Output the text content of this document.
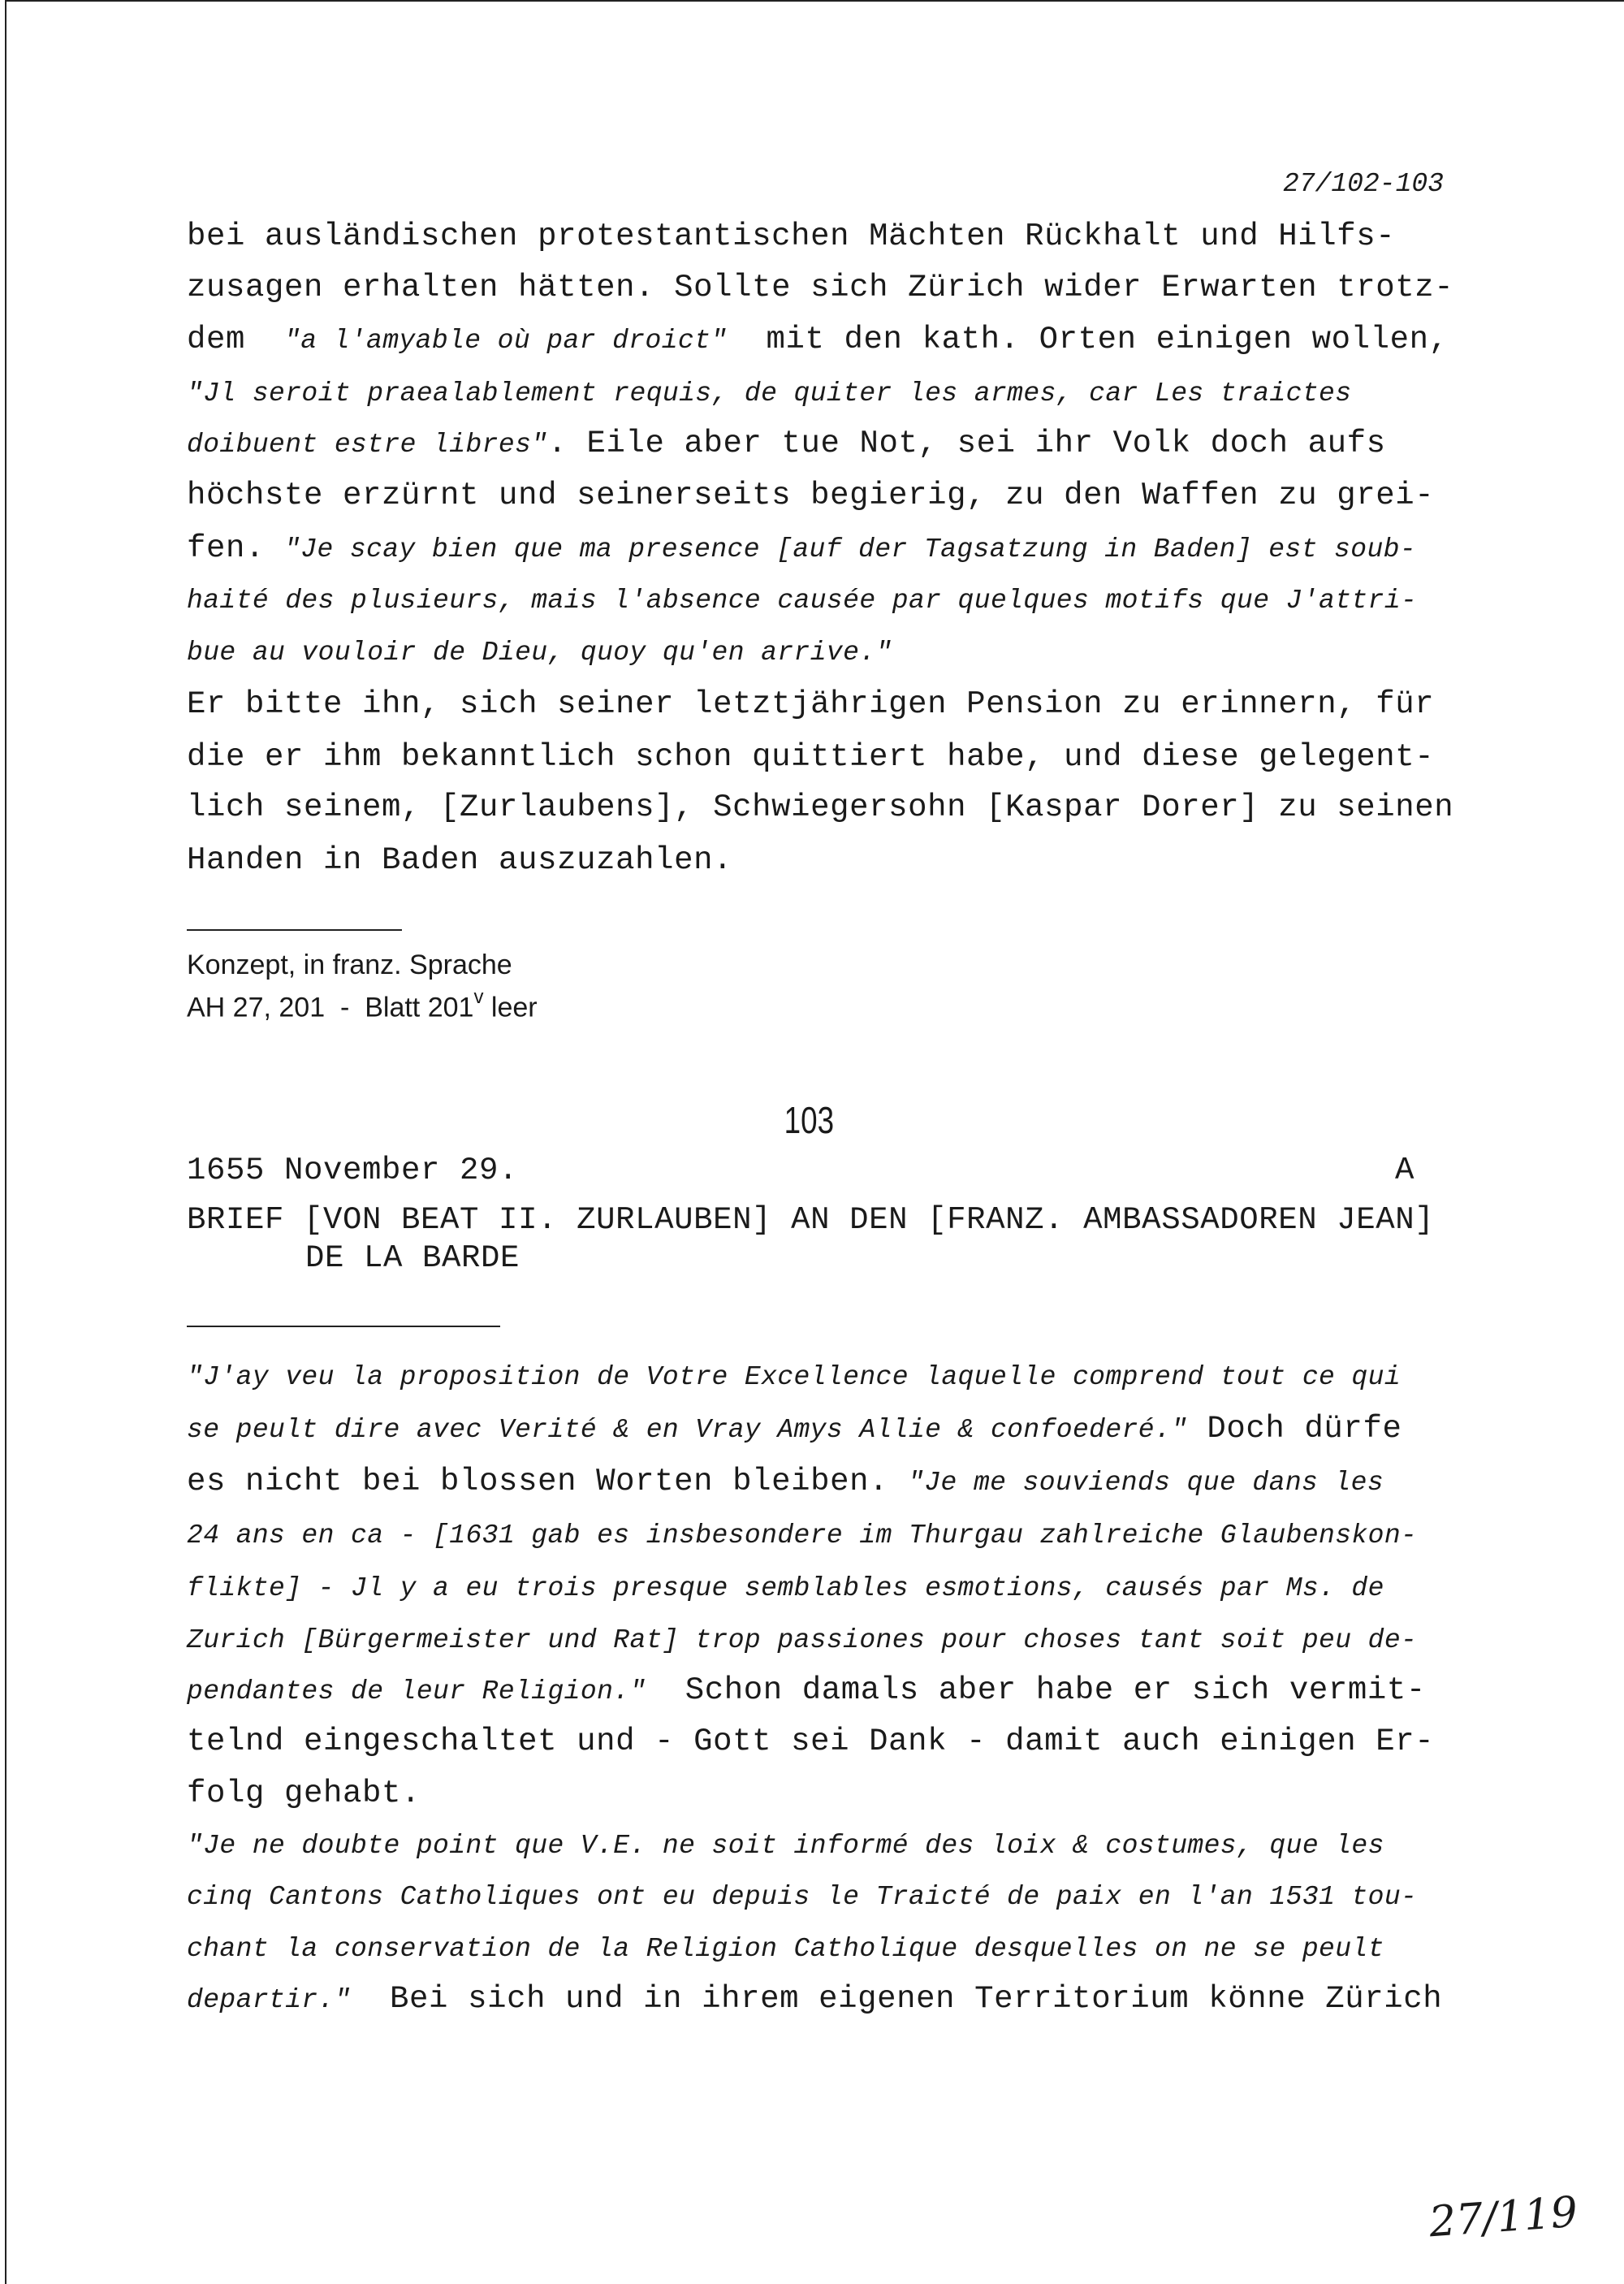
27/102-103
bei ausländischen protestantischen Mächten Rückhalt und Hilfs-
zusagen erhalten hätten. Sollte sich Zürich wider Erwarten trotz-
dem  "a l'amyable où par droict"  mit den kath. Orten einigen wollen,
"Jl seroit praealablement requis, de quiter les armes, car Les traictes
doibuent estre libres". Eile aber tue Not, sei ihr Volk doch aufs
höchste erzürnt und seinerseits begierig, zu den Waffen zu grei-
fen. "Je scay bien que ma presence [auf der Tagsatzung in Baden] est soub-
haité des plusieurs, mais l'absence causée par quelques motifs que J'attri-
bue au vouloir de Dieu, quoy qu'en arrive."
Er bitte ihn, sich seiner letztjährigen Pension zu erinnern, für
die er ihm bekanntlich schon quittiert habe, und diese gelegent-
lich seinem, [Zurlaubens], Schwiegersohn [Kaspar Dorer] zu seinen
Handen in Baden auszuzahlen.
Konzept, in franz. Sprache
AH 27, 201  -  Blatt 201$^v$ leer
103
1655 November 29.	A
BRIEF [VON BEAT II. ZURLAUBEN] AN DEN [FRANZ. AMBASSADOREN JEAN]
DE LA BARDE
"J'ay veu la proposition de Votre Excellence laquelle comprend tout ce qui
se peult dire avec Verité & en Vray Amys Allie & confoederé." Doch dürfe
es nicht bei blossen Worten bleiben. "Je me souviends que dans les
24 ans en ca - [1631 gab es insbesondere im Thurgau zahlreiche Glaubenskon-
flikte] - Jl y a eu trois presque semblables esmotions, causés par Ms. de
Zurich [Bürgermeister und Rat] trop passiones pour choses tant soit peu de-
pendantes de leur Religion."  Schon damals aber habe er sich vermit-
telnd eingeschaltet und - Gott sei Dank - damit auch einigen Er-
folg gehabt.
"Je ne doubte point que V.E. ne soit informé des loix & costumes, que les
cinq Cantons Catholiques ont eu depuis le Traicté de paix en l'an 1531 tou-
chant la conservation de la Religion Catholique desquelles on ne se peult
departir."  Bei sich und in ihrem eigenen Territorium könne Zürich
27/119
